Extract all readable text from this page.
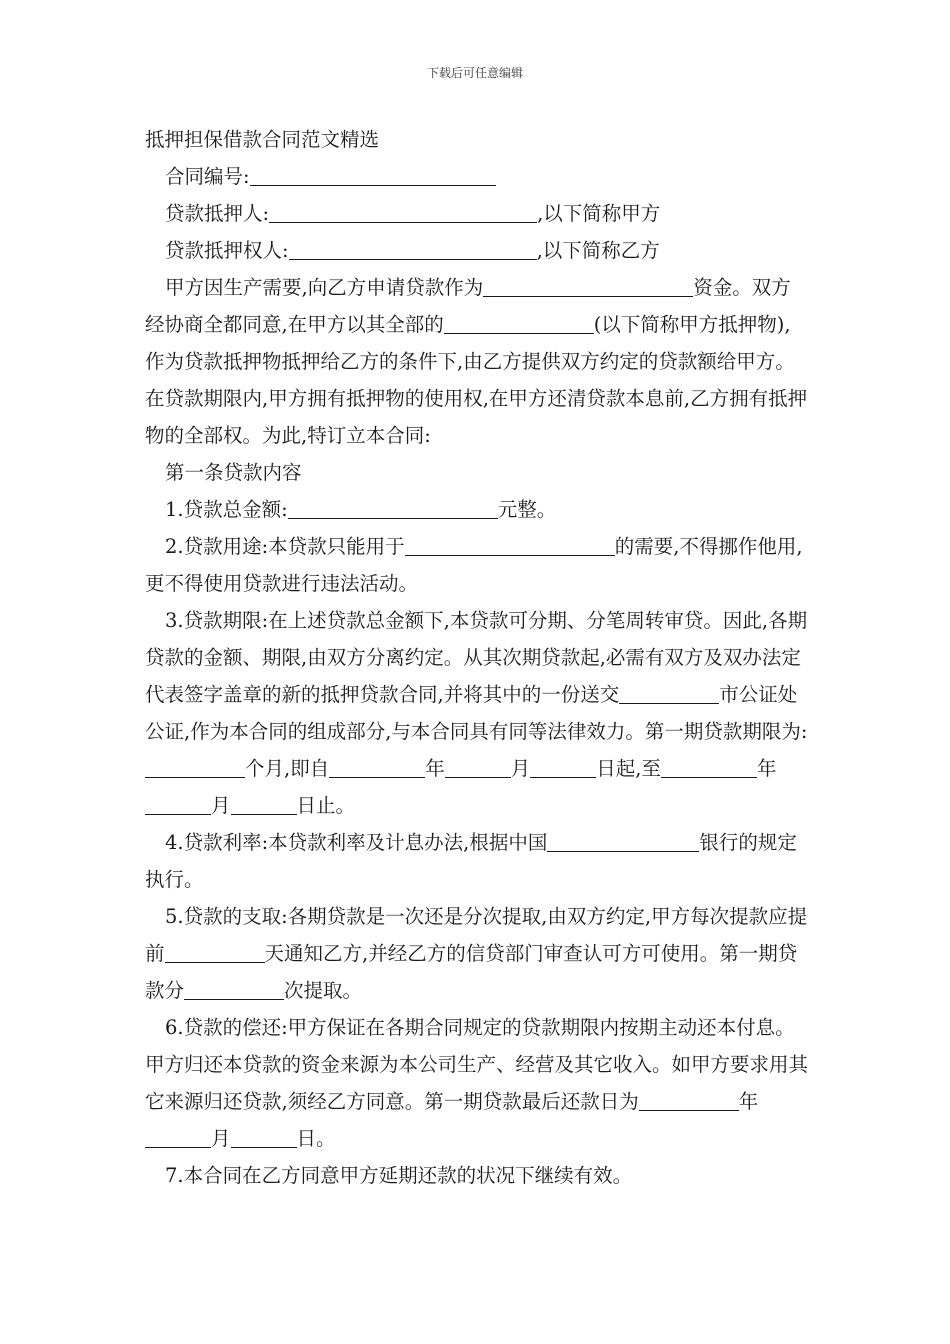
下载后可任意编辑

抵押担保借款合同范文精选

合同编号:

贷款抵押人:	,以下简称甲方

贷款抵押权人:	,以下简称乙方

甲方因生产需要,向乙方申请贷款作为	资金。双方经协商全都同意,在甲方以其全部的	(以下简称甲方抵押物),作为贷款抵押物抵押给乙方的条件下,由乙方提供双方约定的贷款额给甲方。在贷款期限内,甲方拥有抵押物的使用权,在甲方还清贷款本息前,乙方拥有抵押物的全部权。为此,特订立本合同:

第一条贷款内容

1.贷款总金额:	元整。

2.贷款用途:本贷款只能用于	的需要,不得挪作他用,更不得使用贷款进行违法活动。

3.贷款期限:在上述贷款总金额下,本贷款可分期、分笔周转审贷。因此,各期贷款的金额、期限,由双方分离约定。从其次期贷款起,必需有双方及双办法定代表签字盖章的新的抵押贷款合同,并将其中的一份送交	市公证处公证,作为本合同的组成部分,与本合同具有同等法律效力。第一期贷款期限为:个月,即自	年	月	日起,至	年月	日止。

4.贷款利率:本贷款利率及计息办法,根据中国	银行的规定执行。

5.贷款的支取:各期贷款是一次还是分次提取,由双方约定,甲方每次提款应提前	天通知乙方,并经乙方的信贷部门审查认可方可使用。第一期贷款分	次提取。

6.贷款的偿还:甲方保证在各期合同规定的贷款期限内按期主动还本付息。甲方归还本贷款的资金来源为本公司生产、经营及其它收入。如甲方要求用其它来源归还贷款,须经乙方同意。第一期贷款最后还款日为	年月	日。

7.本合同在乙方同意甲方延期还款的状况下继续有效。
